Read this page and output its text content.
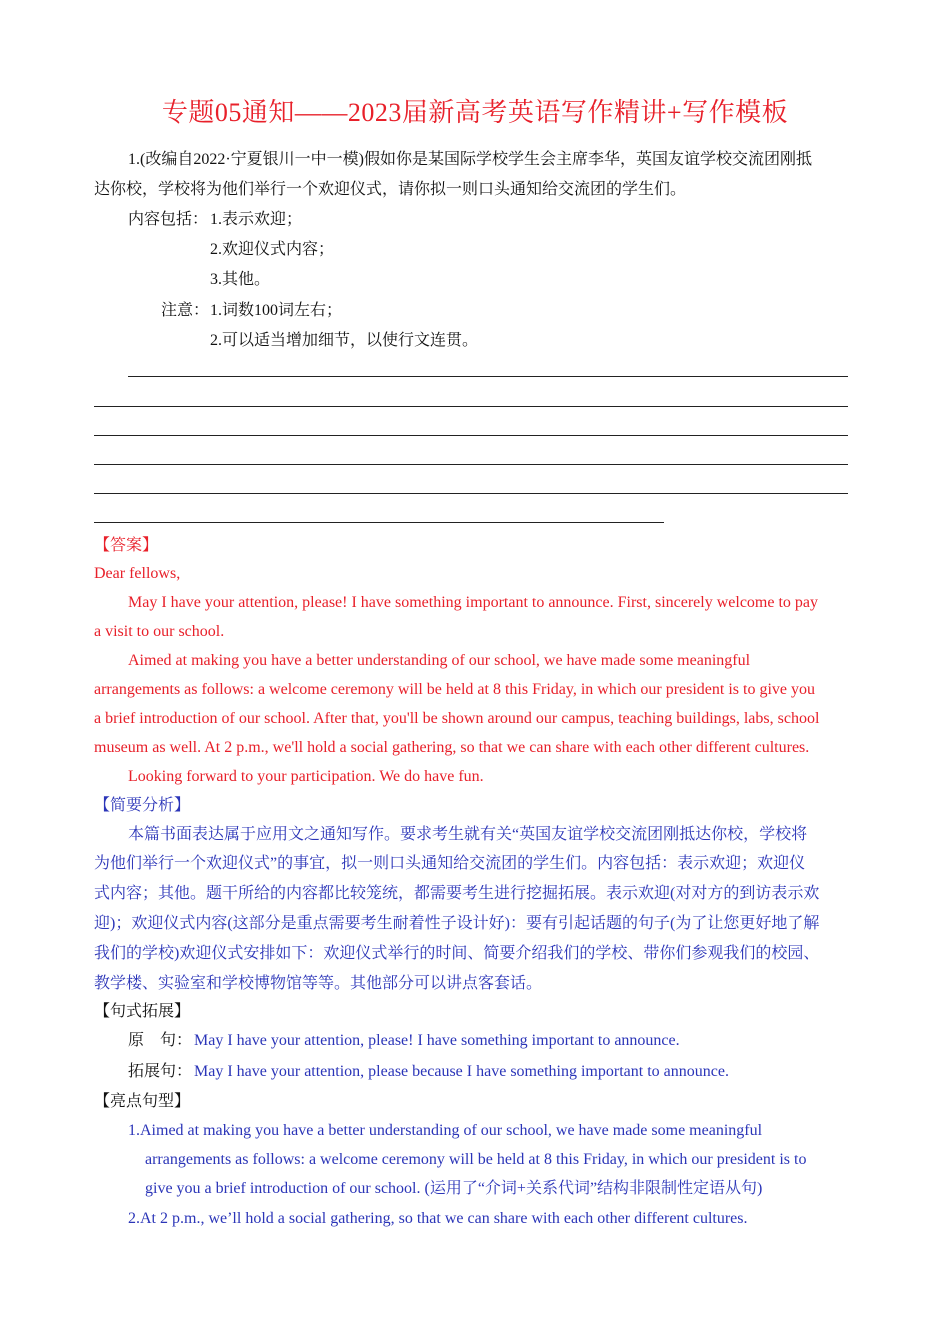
专题05通知——2023届新高考英语写作精讲+写作模板
1.(改编自2022·宁夏银川一中一模)假如你是某国际学校学生会主席李华，英国友谊学校交流团刚抵
达你校，学校将为他们举行一个欢迎仪式，请你拟一则口头通知给交流团的学生们。
内容包括： 1.表示欢迎；
2.欢迎仪式内容；
3.其他。
注意： 1.词数100词左右；
2.可以适当增加细节，以使行文连贯。
【答案】
Dear fellows,
May I have your attention, please! I have something important to announce. First, sincerely welcome to pay
a visit to our school.
Aimed at making you have a better understanding of our school, we have made some meaningful
arrangements as follows: a welcome ceremony will be held at 8 this Friday, in which our president is to give you
a brief introduction of our school. After that, you'll be shown around our campus, teaching buildings, labs, school
museum as well. At 2 p.m., we'll hold a social gathering, so that we can share with each other different cultures.
Looking forward to your participation. We do have fun.
【简要分析】
本篇书面表达属于应用文之通知写作。要求考生就有关“英国友谊学校交流团刚抵达你校，学校将
为他们举行一个欢迎仪式”的事宜，拟一则口头通知给交流团的学生们。内容包括：表示欢迎；欢迎仪
式内容；其他。题干所给的内容都比较笼统，都需要考生进行挖掘拓展。表示欢迎(对对方的到访表示欢
迎)；欢迎仪式内容(这部分是重点需要考生耐着性子设计好)：要有引起话题的句子(为了让您更好地了解
我们的学校)欢迎仪式安排如下：欢迎仪式举行的时间、简要介绍我们的学校、带你们参观我们的校园、
教学楼、实验室和学校博物馆等等。其他部分可以讲点客套话。
【句式拓展】
原　句： May I have your attention, please! I have something important to announce.
拓展句： May I have your attention, please because I have something important to announce.
【亮点句型】
1.Aimed at making you have a better understanding of our school, we have made some meaningful
arrangements as follows: a welcome ceremony will be held at 8 this Friday, in which our president is to
give you a brief introduction of our school. (运用了“介词+关系代词”结构非限制性定语从句)
2.At 2 p.m., we’ll hold a social gathering, so that we can share with each other different cultures.
